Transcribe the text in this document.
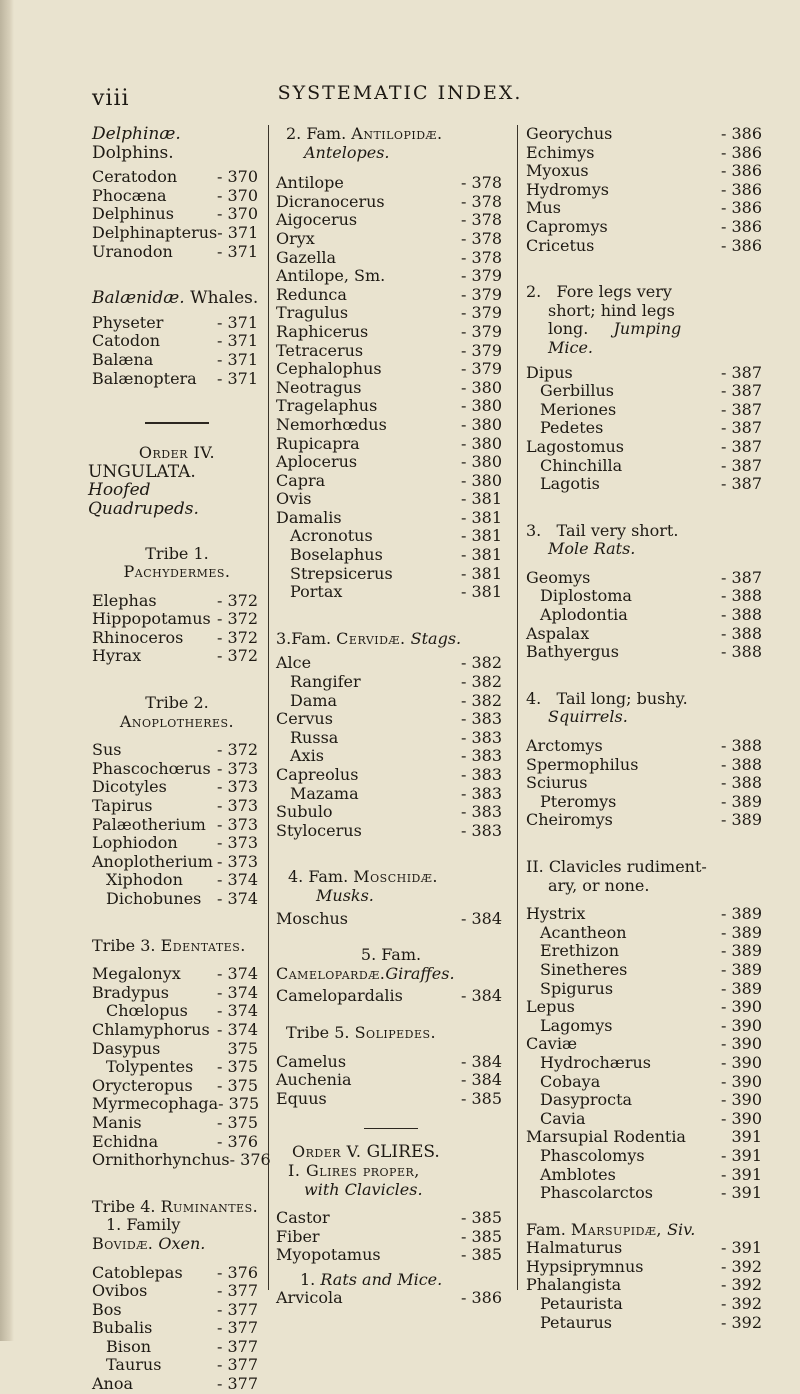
viii	SYSTEMATIC INDEX.
Delphinæ. Dolphins.
Ceratodon - 370
Phocæna	- 370
Delphinus	- 370
Delphinapterus - 371
Uranodon	- 371
Balænidæ. Whales.
Physeter	- 371
Catodon	- 371
Balæna	- 371
Balænoptera - 371
Order IV.
UNGULATA. Hoofed Quadrupeds.
Tribe 1.
Pachydermes.
Elephas	- 372
Hippopotamus - 372
Rhinoceros - 372
Hyrax	- 372
Tribe 2.
Anoplotheres.
Sus	- 372
Phascochœrus - 373
Dicotyles	- 373
Tapirus	- 373
Palæotherium - 373
Lophiodon - 373
Anoplotherium - 373
Xiphodon - 374
Dichobunes - 374
Tribe 3. Edentates.
Megalonyx - 374
Bradypus	- 374
Chœlopus - 374
Chlamyphorus - 374
Dasypus	375
Tolypentes - 375
Orycteropus - 375
Myrmecophaga - 375
Manis	- 375
Echidna	- 376
Ornithorhynchus - 376
Tribe 4. Ruminantes.
1. Family
Bovidæ. Oxen.
Catoblepas - 376
Ovibos	- 377
Bos	- 377
Bubalis	- 377
Bison	- 377
Taurus	- 377
Anoa	- 377
2. Fam. Antilopidæ.
Antelopes.
Antilope	- 378
Dicranocerus	- 378
Aigocerus	- 378
Oryx	- 378
Gazella	- 378
Antilope, Sm.	- 379
Redunca	- 379
Tragulus	- 379
Raphicerus	- 379
Tetracerus	- 379
Cephalophus	- 379
Neotragus	- 380
Tragelaphus	- 380
Nemorhœdus	- 380
Rupicapra	- 380
Aplocerus	- 380
Capra	- 380
Ovis	- 381
Damalis	- 381
Acronotus	- 381
Boselaphus	- 381
Strepsicerus	- 381
Portax	- 381
3.Fam. Cervidæ. Stags.
Alce	- 382
Rangifer	- 382
Dama	- 382
Cervus	- 383
Russa	- 383
Axis	- 383
Capreolus	- 383
Mazama	- 383
Subulo	- 383
Stylocerus	- 383
4. Fam. Moschidæ.
Musks.
Moschus	- 384
5. Fam.
Camelopardæ.Giraffes.
Camelopardalis	- 384
Tribe 5. Solipedes.
Camelus	- 384
Auchenia	- 384
Equus	- 385
Order V. GLIRES.
I. Glires proper,
with Clavicles.
Castor	- 385
Fiber	- 385
Myopotamus	- 385
1. Rats and Mice.
Arvicola	- 386
Georychus	- 386
Echimys	- 386
Myoxus	- 386
Hydromys	- 386
Mus	- 386
Capromys	- 386
Cricetus	- 386
2.   Fore legs very
short; hind legs
long. Jumping
Mice.
Dipus	- 387
Gerbillus	- 387
Meriones	- 387
Pedetes	- 387
Lagostomus	- 387
Chinchilla	- 387
Lagotis	- 387
3.   Tail very short.
Mole Rats.
Geomys	- 387
Diplostoma	- 388
Aplodontia	- 388
Aspalax	- 388
Bathyergus	- 388
4.   Tail long; bushy.
Squirrels.
Arctomys	- 388
Spermophilus	- 388
Sciurus	- 388
Pteromys	- 389
Cheiromys	- 389
II. Clavicles rudiment-
ary, or none.
Hystrix	- 389
Acantheon	- 389
Erethizon	- 389
Sinetheres	- 389
Spigurus	- 389
Lepus	- 390
Lagomys	- 390
Caviæ	- 390
Hydrochærus	- 390
Cobaya	- 390
Dasyprocta	- 390
Cavia	- 390
Marsupial Rodentia	391
Phascolomys	- 391
Amblotes	- 391
Phascolarctos	- 391
Fam. Marsupidæ, Siv.
Halmaturus	- 391
Hypsiprymnus	- 392
Phalangista	- 392
Petaurista	- 392
Petaurus	- 392
